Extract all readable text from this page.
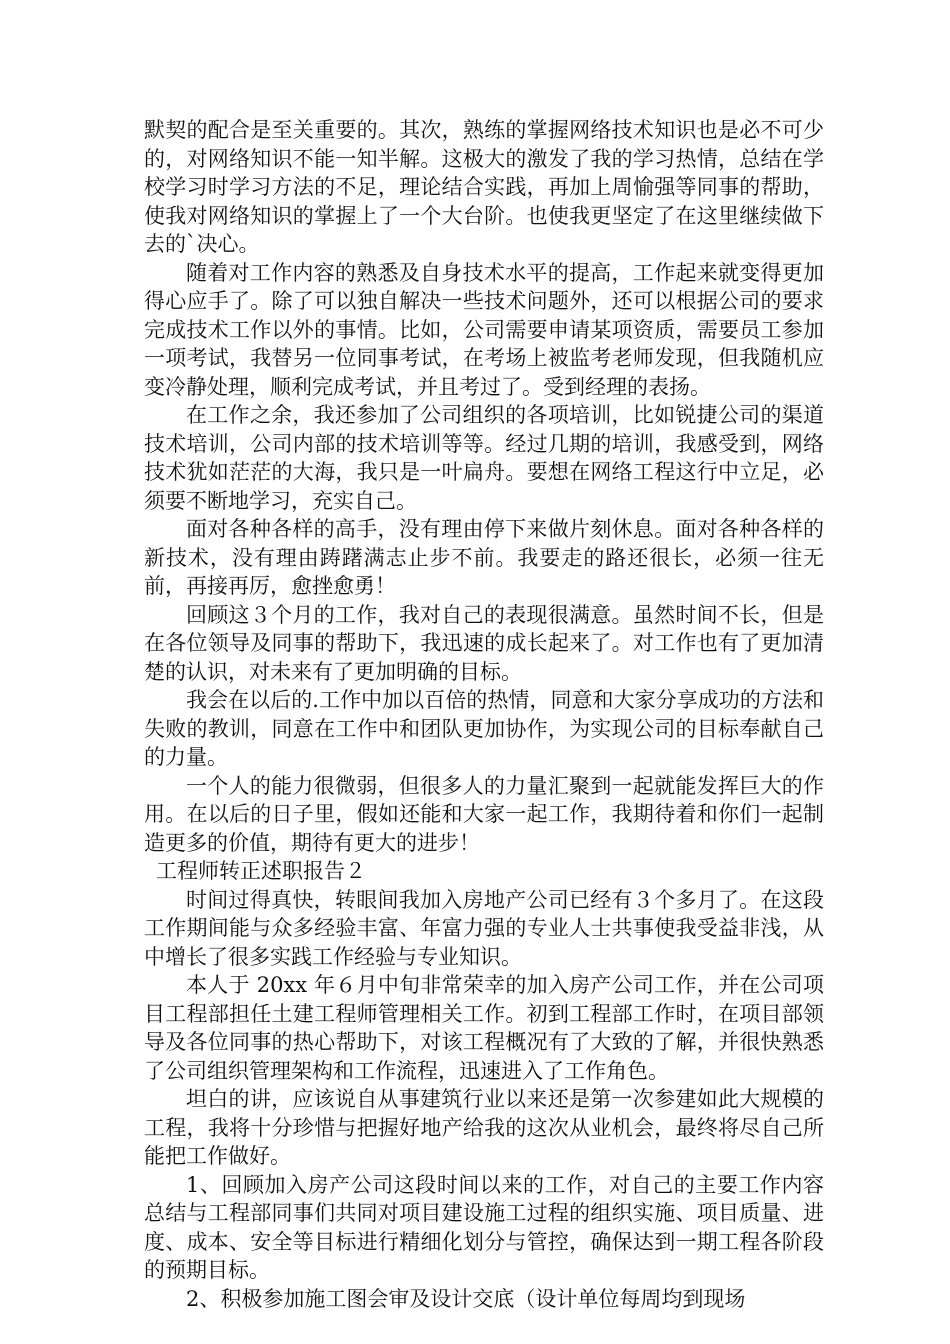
默契的配合是至关重要的。其次，熟练的掌握网络技术知识也是必不可少的，对网络知识不能一知半解。这极大的激发了我的学习热情，总结在学校学习时学习方法的不足，理论结合实践，再加上周愉强等同事的帮助，使我对网络知识的掌握上了一个大台阶。也使我更坚定了在这里继续做下去的`决心。

随着对工作内容的熟悉及自身技术水平的提高，工作起来就变得更加得心应手了。除了可以独自解决一些技术问题外，还可以根据公司的要求完成技术工作以外的事情。比如，公司需要申请某项资质，需要员工参加一项考试，我替另一位同事考试，在考场上被监考老师发现，但我随机应变冷静处理，顺利完成考试，并且考过了。受到经理的表扬。

在工作之余，我还参加了公司组织的各项培训，比如锐捷公司的渠道技术培训，公司内部的技术培训等等。经过几期的培训，我感受到，网络技术犹如茫茫的大海，我只是一叶扁舟。要想在网络工程这行中立足，必须要不断地学习，充实自己。

面对各种各样的高手，没有理由停下来做片刻休息。面对各种各样的新技术，没有理由踌躇满志止步不前。我要走的路还很长，必须一往无前，再接再厉，愈挫愈勇！

回顾这３个月的工作，我对自己的表现很满意。虽然时间不长，但是在各位领导及同事的帮助下，我迅速的成长起来了。对工作也有了更加清楚的认识，对未来有了更加明确的目标。

我会在以后的.工作中加以百倍的热情，同意和大家分享成功的方法和失败的教训，同意在工作中和团队更加协作，为实现公司的目标奉献自己的力量。

一个人的能力很微弱，但很多人的力量汇聚到一起就能发挥巨大的作用。在以后的日子里，假如还能和大家一起工作，我期待着和你们一起制造更多的价值，期待有更大的进步！

工程师转正述职报告２

时间过得真快，转眼间我加入房地产公司已经有３个多月了。在这段工作期间能与众多经验丰富、年富力强的专业人士共事使我受益非浅，从中增长了很多实践工作经验与专业知识。

本人于 20xx 年６月中旬非常荣幸的加入房产公司工作，并在公司项目工程部担任土建工程师管理相关工作。初到工程部工作时，在项目部领导及各位同事的热心帮助下，对该工程概况有了大致的了解，并很快熟悉了公司组织管理架构和工作流程，迅速进入了工作角色。

坦白的讲，应该说自从事建筑行业以来还是第一次参建如此大规模的工程，我将十分珍惜与把握好地产给我的这次从业机会，最终将尽自己所能把工作做好。

1、回顾加入房产公司这段时间以来的工作，对自己的主要工作内容总结与工程部同事们共同对项目建设施工过程的组织实施、项目质量、进度、成本、安全等目标进行精细化划分与管控，确保达到一期工程各阶段的预期目标。

2、积极参加施工图会审及设计交底（设计单位每周均到现场
